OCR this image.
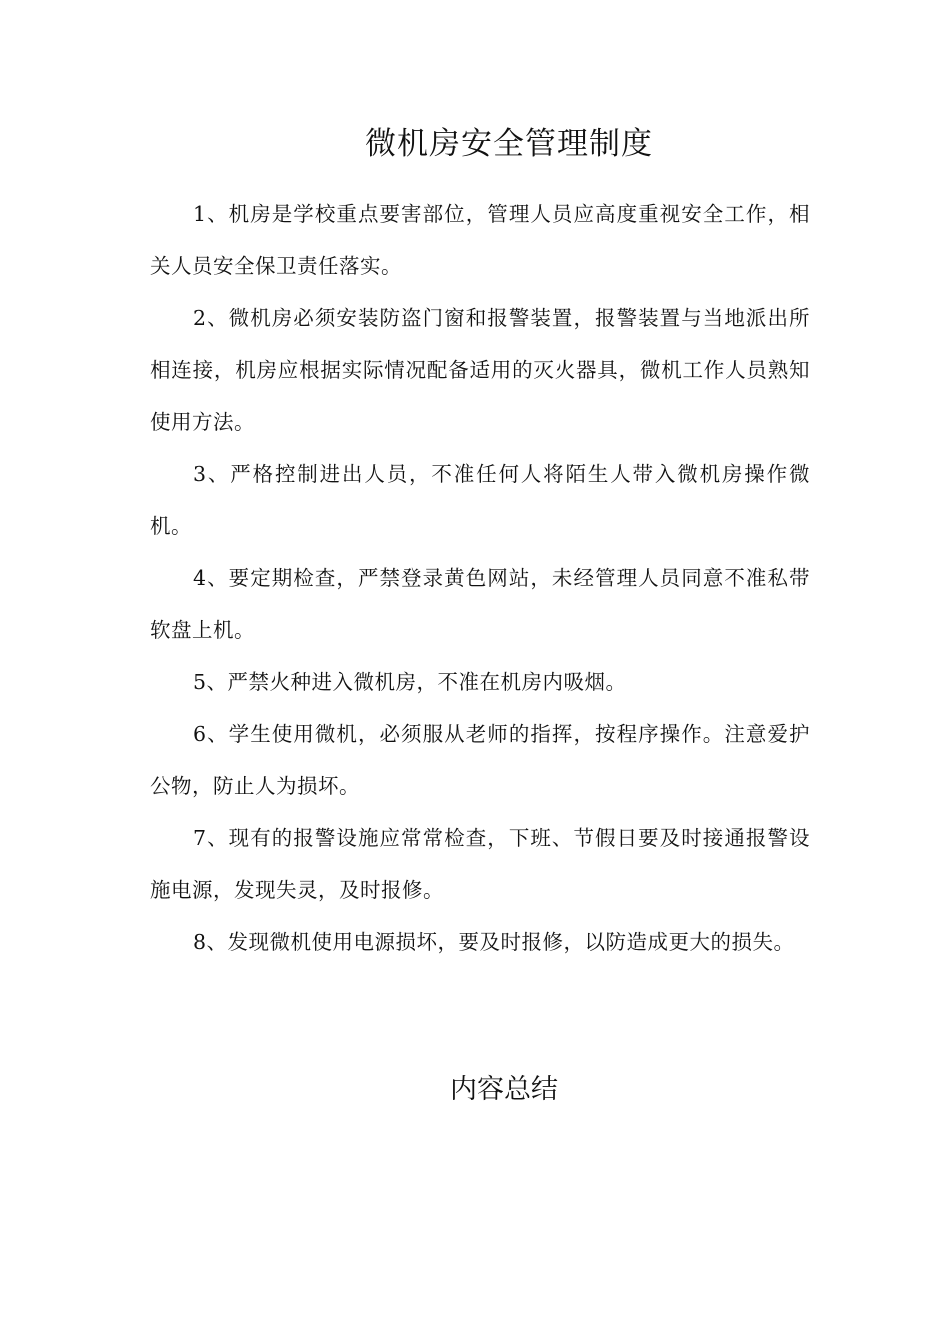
微机房安全管理制度

1、机房是学校重点要害部位，管理人员应高度重视安全工作，相关人员安全保卫责任落实。

2、微机房必须安装防盗门窗和报警装置，报警装置与当地派出所相连接，机房应根据实际情况配备适用的灭火器具，微机工作人员熟知使用方法。

3、严格控制进出人员，不准任何人将陌生人带入微机房操作微机。

4、要定期检查，严禁登录黄色网站，未经管理人员同意不准私带软盘上机。

5、严禁火种进入微机房，不准在机房内吸烟。

6、学生使用微机，必须服从老师的指挥，按程序操作。注意爱护公物，防止人为损坏。

7、现有的报警设施应常常检查，下班、节假日要及时接通报警设施电源，发现失灵，及时报修。

8、发现微机使用电源损坏，要及时报修，以防造成更大的损失。

内容总结
